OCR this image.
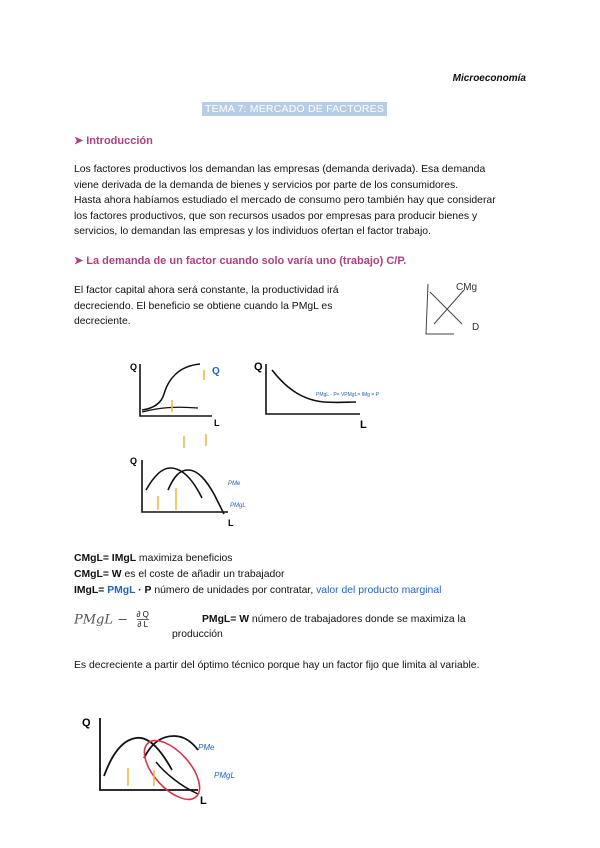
Microeconomía
TEMA 7: MERCADO DE FACTORES
➤ Introducción
Los factores productivos los demandan las empresas (demanda derivada). Esa demanda
viene derivada de la demanda de bienes y servicios por parte de los consumidores.
Hasta ahora habíamos estudiado el mercado de consumo pero también hay que considerar
los factores productivos, que son recursos usados por empresas para producir bienes y
servicios, lo demandan las empresas y los individuos ofertan el factor trabajo.
➤ La demanda de un factor cuando solo varía uno (trabajo) C/P.
El factor capital ahora será constante, la productividad irá
decreciendo. El beneficio se obtiene cuando la PMgL es
decreciente.
CMg
D
Q
L
Q	Q
L
PMgL · P= VPMgL= IMg = P
Q
L
PMe
PMgL
CMgL= IMgL maximiza beneficios
CMgL= W es el coste de añadir un trabajador
IMgL= PMgL · P número de unidades por contratar, valor del producto marginal
PMgL − $\frac{\partial Q}{\partial L}$	PMgL= W número de trabajadores donde se maximiza la
producción
Es decreciente a partir del óptimo técnico porque hay un factor fijo que limita al variable.
Q
L
PMe
PMgL
